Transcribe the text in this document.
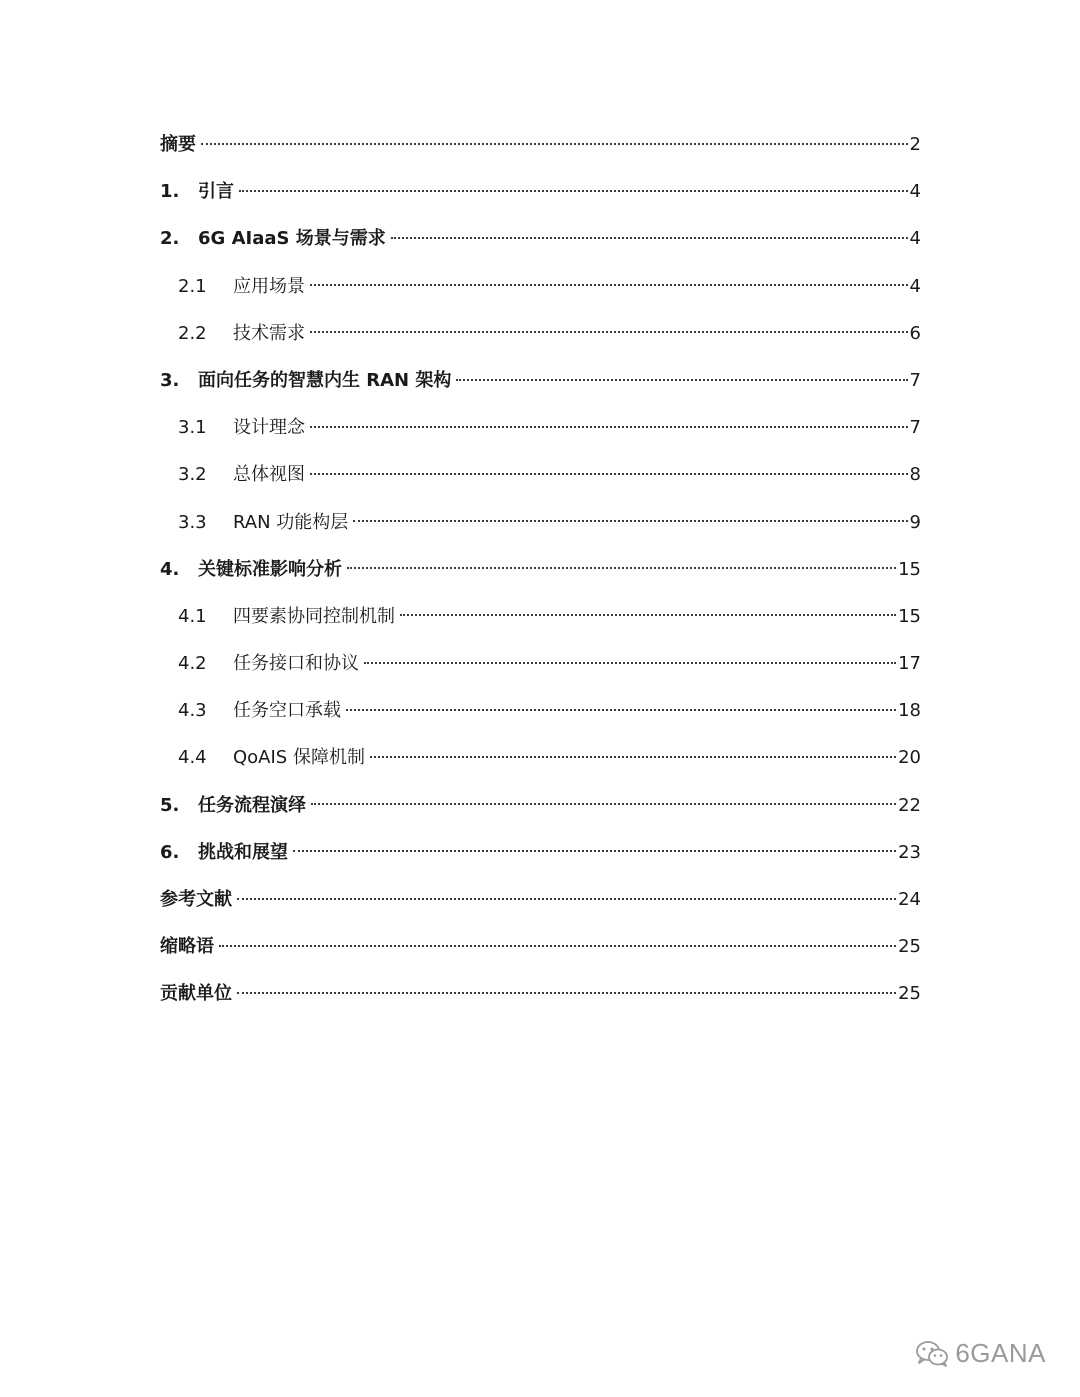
摘要	2
1.	引言	4
2.	6G AIaaS 场景与需求	4
2.1	应用场景	4
2.2	技术需求	6
3.	面向任务的智慧内生 RAN 架构	7
3.1	设计理念	7
3.2	总体视图	8
3.3	RAN 功能构层	9
4.	关键标准影响分析	15
4.1	四要素协同控制机制	15
4.2	任务接口和协议	17
4.3	任务空口承载	18
4.4	QoAIS 保障机制	20
5.	任务流程演绎	22
6.	挑战和展望	23
参考文献	24
缩略语	25
贡献单位	25
6GANA
